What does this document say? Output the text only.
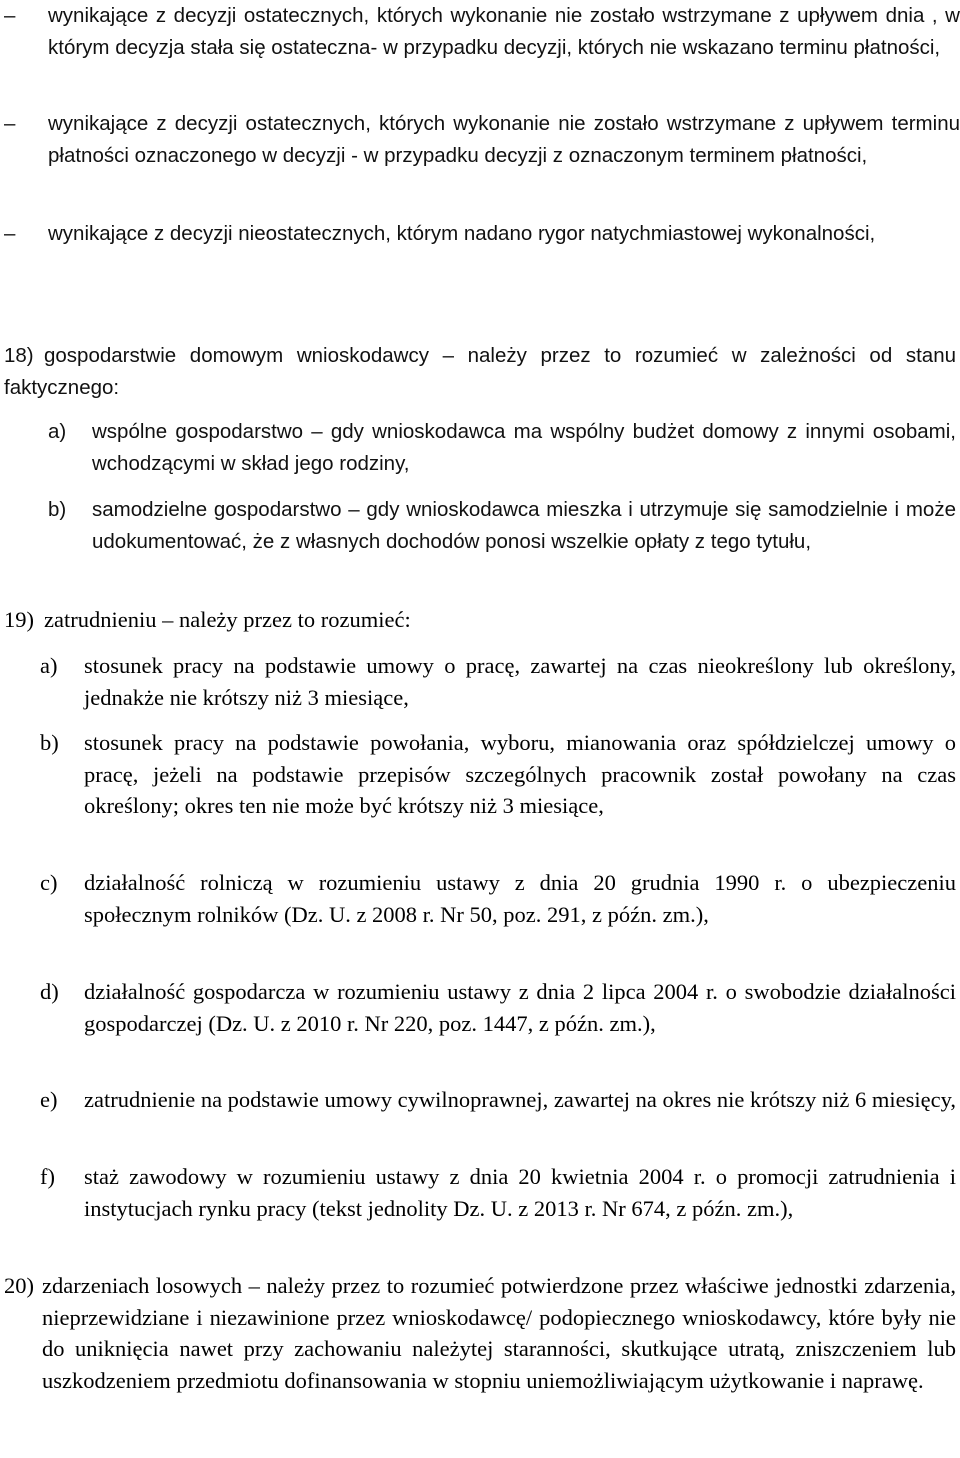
– wynikające z decyzji ostatecznych, których wykonanie nie zostało wstrzymane z upływem dnia , w którym decyzja stała się ostateczna- w przypadku decyzji, których nie wskazano terminu płatności,

– wynikające z decyzji ostatecznych, których wykonanie nie zostało wstrzymane z upływem terminu płatności oznaczonego w decyzji - w przypadku decyzji z oznaczonym terminem płatności,

– wynikające z decyzji nieostatecznych, którym nadano rygor natychmiastowej wykonalności,

18) gospodarstwie domowym wnioskodawcy – należy przez to rozumieć w zależności od stanu faktycznego:

a) wspólne gospodarstwo – gdy wnioskodawca ma wspólny budżet domowy z innymi osobami, wchodzącymi w skład jego rodziny,

b) samodzielne gospodarstwo – gdy wnioskodawca mieszka i utrzymuje się samodzielnie i może udokumentować, że z własnych dochodów ponosi wszelkie opłaty z tego tytułu,

19) zatrudnieniu – należy przez to rozumieć:

a) stosunek pracy na podstawie umowy o pracę, zawartej na czas nieokreślony lub określony, jednakże nie krótszy niż 3 miesiące,

b) stosunek pracy na podstawie powołania, wyboru, mianowania oraz spółdzielczej umowy o pracę, jeżeli na podstawie przepisów szczególnych pracownik został powołany na czas określony; okres ten nie może być krótszy niż 3 miesiące,

c) działalność rolniczą w rozumieniu ustawy z dnia 20 grudnia 1990 r. o ubezpieczeniu społecznym rolników (Dz. U. z 2008 r. Nr 50, poz. 291, z późn. zm.),

d) działalność gospodarcza w rozumieniu ustawy z dnia 2 lipca 2004 r. o swobodzie działalności gospodarczej (Dz. U. z 2010 r. Nr 220, poz. 1447, z późn. zm.),

e) zatrudnienie na podstawie umowy cywilnoprawnej, zawartej na okres nie krótszy niż 6 miesięcy,

f) staż zawodowy w rozumieniu ustawy z dnia 20 kwietnia 2004 r. o promocji zatrudnienia i instytucjach rynku pracy (tekst jednolity Dz. U. z 2013 r. Nr 674, z późn. zm.),

20) zdarzeniach losowych – należy przez to rozumieć potwierdzone przez właściwe jednostki zdarzenia, nieprzewidziane i niezawinione przez wnioskodawcę/ podopiecznego wnioskodawcy, które były nie do uniknięcia nawet przy zachowaniu należytej staranności, skutkujące utratą, zniszczeniem lub uszkodzeniem przedmiotu dofinansowania w stopniu uniemożliwiającym użytkowanie i naprawę.
